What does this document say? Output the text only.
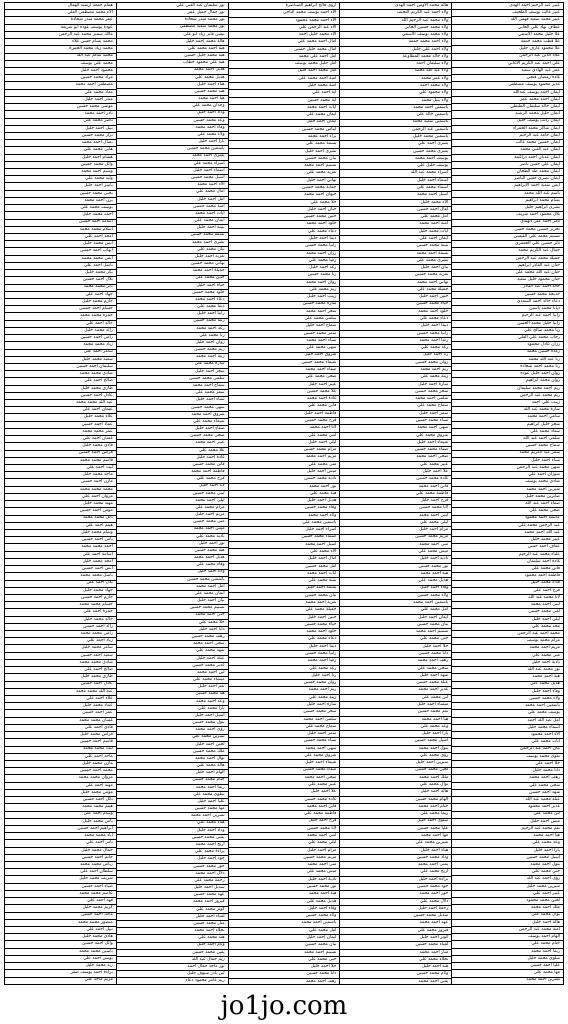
عبير عبد الرحيم احمد الهدى
عبير غالب يوسف الطحيف
عبير محمد سعيد فهمي الله
عطاف نهاد علي الجابي
علا خليل محمد الاسمي
علا قطب محمد جمعة
علا محمود عارف خليل
علاء الدين عبد الرحمن
علي احمد عبد الكريم الاغاني
عمر عبد الهادي سعيد
غادة رمضان فتحي
غدير محمود يوسف مصطفى
ايمان احمد يوسف عبدالله
ايمان احمد محمد عمر
ايمان خالد سليمان الطيطي
ايمان خليل محمد الرشيد
ايمان راتب يوسف خليل
ايمان شاكر محمد الحمراء
ايمان حامد عبد الرحيم
ايمان حسين محمد غالب
ايمان عبد الغني محمد
ايمان عدنان احمد دراغمة
ايمان علي حسن ناصر
ايمان محمد طه الطحان
ايمان نصري حسن الناصر
ايمن سعيد احمد الابراهيم
باسم عبد الله محمد
بسام محمد ابراهيم
بشرى ابراهيم خليل
بلال محمود احمد شريف
تامر احمد علي الهندي
تحرير حسين محمد حسن
تسنيم محمد علي القيسي
ثائر حسين علي الجعفري
جمال عبد الكريم محمد
جميلة محمد عبد الرحمن
حنان عبد القادر ابراهيم
حنان عبد الله محمد علي
حنان محمود خليل سعيد
خالد احمد عبد القادر
خديجة محمد حسين
دعاء خالد احمد السعدي
ديانا محمد ياسين
رانيا احمد عبد الرحيم
رانيا خليل محمد الحسن
ربا محمد صالح علي
رحاب محمد علي العلي
رزان عادل محمود
رغدة حسين محمد
رنا عبد الله محمد
رنا محمد احمد شحادة
روان احمد خليل عودة
روان محمد ابراهيم
ريم احمد محمد سليمان
ريم محمد عبد الرحمن
زينب علي احمد
سارة محمد عبد الله
سامي احمد محمد
سحر خليل ابراهيم
سعاد محمد علي
سلمى احمد عبد الله
سماح محمد حسين
سمر عبد الكريم محمد
سناء احمد خليل
سهى محمد عبد الرحمن
سوزان احمد علي
شادي محمد يوسف
شيرين احمد محمد
صابرين محمد خليل
صفاء احمد عبد الله
ضحى محمد علي
عائشة احمد محمود
عبد الرحمن محمد علي
عبد الله احمد محمد
عبير محمد خليل
عفاف احمد حسن
علياء محمد عبد الرحيم
غادة احمد سليمان
فاتن محمد علي
فاطمة احمد محمود
فداء محمد خليل
فرح احمد علي
لانا محمد عبد الله
لبنى احمد محمد
لمى محمد حسين
ليلى احمد خليل
مجد محمد علي
محمد احمد عبد الرحمن
مرام محمد يوسف
مريم احمد محمد
منى محمد علي
نادية احمد خليل
نور محمد عبد الله
هبة احمد محمد
هديل محمد علي
وفاء احمد خليل
ولاء محمد حسين
ياسمين احمد محمد
يوسف محمد علي
امل عبد الله احمد
اسماء محمد خليل
الاء احمد محمود
ايات محمد علي
بيان احمد عبد الرحمن
تقوى محمد يوسف
حلا احمد علي
دانا محمد خليل
رهف احمد محمد
سجى محمد علي
شهد احمد حسين
عبلة محمد عبد الله
غدير احمد محمود
لين محمد علي
ميس احمد خليل
نغم محمد عبد الرحيم
هيا احمد محمد
وعد محمد علي
يارا احمد خليل
اسيل محمد حسين
بتول احمد محمد
جنى محمد علي
رؤى احمد عبد الله
سيرين محمد خليل
عبير احمد علي
لجين محمد محمود
ملك احمد محمد
نوال محمد علي
هالة احمد خليل
امنة محمد عبد الرحمن
الهام احمد يوسف
ختام محمد علي
ريما احمد محمد
سلوى محمد خليل
عليا احمد حسين
مها محمد علي
نسرين احمد محمد
هالة محمد الاوس احمد الهدى
ولاء احمد عبد الكريم التحيف
ولاء محمد عبد الرحيم الله
ولاء محمد حسين الجابي
ولاء محمد يوسف الاسمي
ولاء احمد محمد جمعة
ولاء احمد علي خليل
ولاء خالد محمد المطاوعة
ولاء سليمان احمد
ولاء عبد الله محمد
ولاء عمر محمد
ولاء محمد احمد
ولاء محمود علي
ولاء نبيل محمد
ياسمين احمد محمد
ياسمين خالد علي
ياسمين سعيد محمد
ياسمين عبد الرحمن
ياسمين محمد خليل
يسرى احمد علي
يسرى محمد حسين
يوسف احمد محمد
يوسف خليل علي
اسراء محمد عبد الله
اسماء احمد خليل
اسماء محمد علي
اسيل احمد محمد
الاء محمد خليل
امال احمد حسين
امل محمد علي
امنة احمد محمد
ايات محمد خليل
ايمان احمد علي
بثينة محمد حسين
بسمة احمد محمد
بشرى محمد علي
بيان احمد خليل
تغريد محمد حسين
تهاني احمد محمد
جميلة محمد علي
حنين احمد خليل
حياة محمد حسين
خلود احمد محمد
دعاء محمد علي
ديما احمد خليل
رانيا محمد حسين
رشا احمد محمد
رغد محمد علي
رنا احمد خليل
روان محمد حسين
ريم احمد محمد
زينة محمد علي
سارة احمد خليل
سحر محمد حسين
سلمى احمد محمد
سماح محمد علي
سمر احمد خليل
سناء محمد حسين
سهى احمد محمد
شروق محمد علي
شيماء احمد خليل
صفاء محمد حسين
ضحى احمد محمد
عبير محمد علي
علا احمد خليل
غادة محمد حسين
فاتن احمد محمد
فاطمة محمد علي
فرح احمد خليل
لانا محمد حسين
لبنى احمد محمد
ليلى محمد علي
مرام احمد خليل
مريم محمد حسين
منى احمد محمد
ميس محمد علي
نادية احمد خليل
نور محمد حسين
هبة احمد محمد
هديل محمد علي
وفاء احمد خليل
ولاء محمد حسين
ياسمين احمد محمد
امل محمد علي
ايمان احمد خليل
بيان محمد حسين
تسنيم احمد محمد
جنى محمد علي
حلا احمد خليل
دانا محمد حسين
رهف احمد محمد
سجى محمد علي
شهد احمد خليل
عبلة محمد حسين
غدير احمد محمد
لين محمد علي
ميساء احمد خليل
نغم محمد حسين
هيا احمد محمد
وعد محمد علي
يارا احمد خليل
اسيل محمد حسين
بتول احمد محمد
رؤى محمد علي
سيرين احمد خليل
لجين محمد حسين
ملك احمد محمد
نوال محمد علي
هالة احمد خليل
الهام محمد حسين
ختام احمد محمد
ريما محمد علي
سلوى احمد خليل
عليا محمد حسين
مها احمد محمد
نسرين محمد علي
هناء احمد خليل
وداد محمد حسين
يمنى احمد محمد
اريج محمد علي
براءة احمد خليل
جود محمد حسين
حور احمد محمد
دلال محمد علي
رحمة احمد خليل
سديل محمد حسين
عهد احمد محمد
فيروز محمد علي
كوثر احمد خليل
لمياء محمد حسين
منار احمد محمد
نجلاء محمد علي
هند احمد خليل
وئام محمد حسين
يقين احمد محمد
اروى فالح ابراهيم الصناصرة
الاء احمد يوسف محمد الناجي
الاء احمد محمد محمود
الاء عبد الرحمن علي
الاء محمد خليل احمد
امال احمد محمد علي
امال محمد خليل حسين
امل احمد علي محمد
امل خليل محمد يوسف
امل محمد احمد خليل
امنة احمد محمد علي
امنة محمد خليل
اية احمد علي
اية محمد حسين
ايات احمد محمد
ايمان محمد علي
ايمان احمد خليل
ايناس محمد حسين
براء احمد محمد
بسمة محمد علي
بشرى احمد خليل
بيان محمد حسين
تسنيم احمد محمد
تغريد محمد علي
تهاني احمد خليل
جمانة محمد حسين
جيهان احمد محمد
حلا محمد علي
حنان احمد خليل
حنين محمد حسين
خلود احمد محمد
دعاء محمد علي
ديما احمد خليل
رانيا محمد حسين
رزان احمد محمد
رشا محمد علي
رغد احمد خليل
رنا محمد حسين
روان احمد محمد
ريم محمد علي
زينب احمد خليل
سارة محمد حسين
سحر احمد محمد
سلمى محمد علي
سماح احمد خليل
سمر محمد حسين
سناء احمد محمد
سهى محمد علي
شروق احمد خليل
شيماء محمد حسين
صفاء احمد محمد
ضحى محمد علي
عبير احمد خليل
علا محمد حسين
غادة احمد محمد
فاتن محمد علي
فاطمة احمد خليل
فرح محمد حسين
لانا احمد محمد
لبنى محمد علي
ليلى احمد خليل
مرام محمد حسين
مريم احمد محمد
منى محمد علي
ميس احمد خليل
نادية محمد حسين
نور احمد محمد
هبة محمد علي
هديل احمد خليل
وفاء محمد حسين
ولاء احمد محمد
ياسمين محمد علي
اسراء احمد خليل
اسماء محمد حسين
اسيل احمد محمد
الاء محمد علي
امال احمد خليل
امل محمد حسين
ايات احمد محمد
بثينة محمد علي
بسمة احمد خليل
بيان محمد حسين
تغريد احمد محمد
جميلة محمد علي
حنين احمد خليل
حياة محمد حسين
خلود احمد محمد
دعاء محمد علي
ديما احمد خليل
رانيا محمد حسين
رشا احمد محمد
رغد محمد علي
رنا احمد خليل
روان محمد حسين
ريم احمد محمد
زينة محمد علي
سارة احمد خليل
سحر محمد حسين
سلمى احمد محمد
سماح محمد علي
سمر احمد خليل
سناء محمد حسين
سهى احمد محمد
شروق محمد علي
شيماء احمد خليل
صفاء محمد حسين
ضحى احمد محمد
عبير محمد علي
علا احمد خليل
غادة محمد حسين
فاتن احمد محمد
فاطمة محمد علي
فرح احمد خليل
لانا محمد حسين
لبنى احمد محمد
ليلى محمد علي
مرام احمد خليل
مريم محمد حسين
منى احمد محمد
ميس محمد علي
نادية احمد خليل
نور محمد حسين
هبة احمد محمد
هديل محمد علي
وفاء احمد خليل
ولاء محمد حسين
ياسمين احمد محمد
امل محمد علي
ايمان احمد خليل
بيان محمد حسين
تسنيم احمد محمد
جنى محمد علي
حلا احمد خليل
دانا محمد حسين
رهف احمد محمد
نور سليمان عبد الغني علي
نور جمال جميل عمر
نور محمد منذر شحادة
نور محمد سعيد مصطفى
نيفين فايز زياد ابو علي
هالة محمد احمد خليل
هبة احمد محمد علي
هبة محمد خليل حسين
هبة علي محمود خطاب
هديل احمد محمد
هديل محمد علي
هناء احمد خليل
هند محمد حسين
هيا احمد محمد
وجدان محمد علي
وداد احمد خليل
وعد محمد حسين
وفاء احمد محمد
ولاء محمد علي
يارا احمد خليل
ياسمين محمد حسين
يسرى احمد محمد
اسراء محمد علي
اسماء احمد خليل
اسيل محمد حسين
الاء احمد محمد
امال محمد علي
امل احمد خليل
امنة محمد حسين
ايات احمد محمد
ايمان محمد علي
بثينة احمد خليل
بسمة محمد حسين
بشرى احمد محمد
بيان محمد علي
تغريد احمد خليل
تهاني محمد حسين
جميلة احمد محمد
حنين محمد علي
حياة احمد خليل
خلود محمد حسين
دعاء احمد محمد
ديما محمد علي
رانيا احمد خليل
رشا محمد حسين
رغد احمد محمد
رنا محمد علي
روان احمد خليل
ريم محمد حسين
زينة احمد محمد
سارة محمد علي
سحر احمد خليل
سلمى محمد حسين
سماح احمد محمد
سمر محمد علي
سناء احمد خليل
سهى محمد حسين
شروق احمد محمد
شيماء محمد علي
صفاء احمد خليل
ضحى محمد حسين
عبير احمد محمد
علا محمد علي
غادة احمد خليل
فاتن محمد حسين
فاطمة احمد محمد
فرح محمد علي
لانا احمد خليل
لبنى محمد حسين
ليلى احمد محمد
مرام محمد علي
مريم احمد خليل
منى محمد حسين
ميس احمد محمد
نادية محمد علي
نور احمد خليل
هبة محمد حسين
هديل احمد محمد
وفاء محمد علي
ولاء احمد خليل
ياسمين محمد حسين
امل احمد محمد
ايمان محمد علي
بيان احمد خليل
تسنيم محمد حسين
جنى احمد محمد
حلا محمد علي
دانا احمد خليل
رهف محمد حسين
سجى احمد محمد
شهد محمد علي
عبلة احمد خليل
غدير محمد حسين
لين احمد محمد
ميساء محمد علي
نغم احمد خليل
هيا محمد حسين
وعد احمد محمد
يارا محمد علي
اسيل احمد خليل
بتول محمد حسين
رؤى احمد محمد
سيرين محمد علي
لجين احمد خليل
ملك محمد حسين
نوال احمد محمد
هالة محمد علي
الهام احمد خليل
ختام محمد حسين
ريما احمد محمد
سلوى محمد علي
عليا احمد خليل
مها محمد حسين
نسرين احمد محمد
هناء محمد علي
وداد احمد خليل
يمنى محمد حسين
اريج احمد محمد
براءة محمد علي
جود احمد خليل
حور محمد حسين
دلال احمد محمد
رحمة محمد علي
سديل احمد خليل
عهد محمد حسين
فيروز احمد محمد
كوثر محمد علي
لمياء احمد خليل
منار محمد حسين
نجلاء احمد محمد
هند محمد علي
وئام احمد خليل
يقين محمد حسين
ريم جمال عبد الله
نور ماجد جمال احمد
لين نادر سيوف خليل
ريم عامر محمود دعاء
همام جمعة ارشيد الهمال
الاء محمد مصطفى العلي
عمر محمد منذر شحادة
عودة يوسف عودة ابو شريعة
مالك سمير محمد عبد الرحمن
محمد بسام حسن علاء
محمد زياد محمد الجمرة
محمد سالم عبد الله
محمد علي يوسف
محمود احمد خليل
مراد محمد حسين
مصطفى احمد محمد
معاذ محمد علي
منذر احمد خليل
موسى محمد حسين
نادر احمد محمد
ناصر محمد علي
نبيل احمد خليل
نزار محمد حسين
نضال احمد محمد
هاني محمد علي
هشام احمد خليل
وائل محمد حسين
وسيم احمد محمد
وليد محمد علي
ياسر احمد خليل
يحيى محمد حسين
يزن احمد محمد
يوسف محمد علي
احمد محمد خليل
اسامة احمد حسين
اسلام محمد محمد
امجد احمد علي
انس محمد خليل
ايهاب احمد حسين
ايمن محمد محمد
باسل احمد علي
بكر محمد خليل
بلال احمد حسين
ثائر محمد محمد
جهاد احمد علي
حازم محمد خليل
حسام احمد حسين
حمزة محمد محمد
خالد احمد علي
رائد محمد خليل
رامي احمد حسين
زياد محمد محمد
سامر احمد علي
سعيد محمد خليل
سليمان احمد حسين
شادي محمد محمد
صالح احمد علي
طارق محمد خليل
عادل احمد حسين
عبد الله محمد محمد
عثمان احمد علي
علاء محمد خليل
عماد احمد حسين
عمر محمد محمد
غسان احمد علي
فادي محمد خليل
فراس احمد حسين
قاسم محمد محمد
ليث احمد علي
ماجد محمد خليل
مازن احمد حسين
محمد محمد محمد
مروان احمد علي
مهند محمد خليل
مؤمن احمد حسين
نائل محمد محمد
هيثم احمد علي
وسام محمد خليل
يامن احمد حسين
احمد محمد محمد
اسامة احمد علي
امجد محمد خليل
انس احمد حسين
باسل محمد محمد
بلال احمد علي
جهاد محمد خليل
حازم احمد حسين
حسام محمد محمد
حمزة احمد علي
خالد محمد خليل
رائد احمد حسين
رامي محمد محمد
زياد احمد علي
سامر محمد خليل
سعيد احمد حسين
شادي محمد محمد
صالح احمد علي
طارق محمد خليل
عادل احمد حسين
عبد الله محمد محمد
علاء احمد علي
عماد محمد خليل
عمر احمد حسين
غسان محمد محمد
فادي احمد علي
فراس محمد خليل
قاسم احمد حسين
ليث محمد محمد
ماجد احمد علي
مازن محمد خليل
محمد احمد حسين
مروان محمد محمد
مهند احمد علي
مؤمن محمد خليل
نائل احمد حسين
هيثم محمد محمد
وسام احمد علي
يامن محمد خليل
ابراهيم احمد حسين
اياد محمد محمد
تامر احمد علي
جمال محمد خليل
حاتم احمد حسين
رياض محمد محمد
سلطان احمد علي
شريف محمد خليل
ضياء احمد حسين
عاصم محمد محمد
فهد احمد علي
كريم محمد خليل
مالك احمد حسين
منصور محمد محمد
نبيل احمد علي
هادي محمد خليل
وائل احمد حسين
ياسين محمد محمد
يونس احمد علي
زيد محمد خليل
براءة احمد يوسف صقر
مريم ماجد علي
jo1jo.com
